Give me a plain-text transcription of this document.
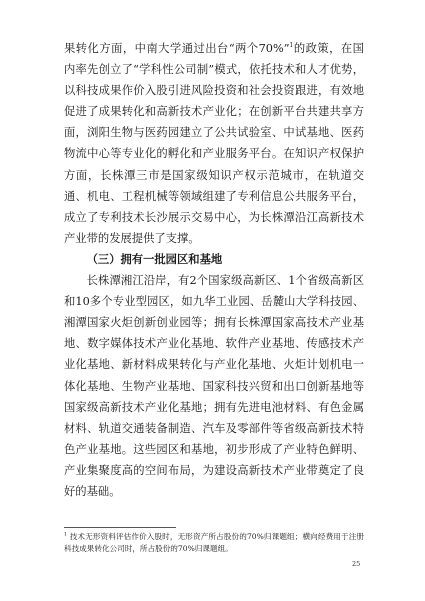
果转化方面，中南大学通过出台“两个70%”$^1$的政策，在国内率先创立了“学科性公司制”模式，依托技术和人才优势，以科技成果作价入股引进风险投资和社会投资跟进，有效地促进了成果转化和高新技术产业化；在创新平台共建共享方面，浏阳生物与医药园建立了公共试验室、中试基地、医药物流中心等专业化的孵化和产业服务平台。在知识产权保护方面，长株潭三市是国家级知识产权示范城市，在轨道交通、机电、工程机械等领域组建了专利信息公共服务平台，成立了专利技术长沙展示交易中心，为长株潭沿江高新技术产业带的发展提供了支撑。

（三）拥有一批园区和基地

长株潭湘江沿岸，有2个国家级高新区、1个省级高新区和10多个专业型园区，如九华工业园、岳麓山大学科技园、湘潭国家火炬创新创业园等；拥有长株潭国家高技术产业基地、数字媒体技术产业化基地、软件产业基地、传感技术产业化基地、新材料成果转化与产业化基地、火炬计划机电一体化基地、生物产业基地、国家科技兴贸和出口创新基地等国家级高新技术产业化基地；拥有先进电池材料、有色金属材料、轨道交通装备制造、汽车及零部件等省级高新技术特色产业基地。这些园区和基地，初步形成了产业特色鲜明、产业集聚度高的空间布局，为建设高新技术产业带奠定了良好的基础。

$^1$ 技术无形资料评估作价入股时，无形资产所占股份的70%归课题组；横向经费用于注册科技成果转化公司时，所占股份的70%归课题组。
25
